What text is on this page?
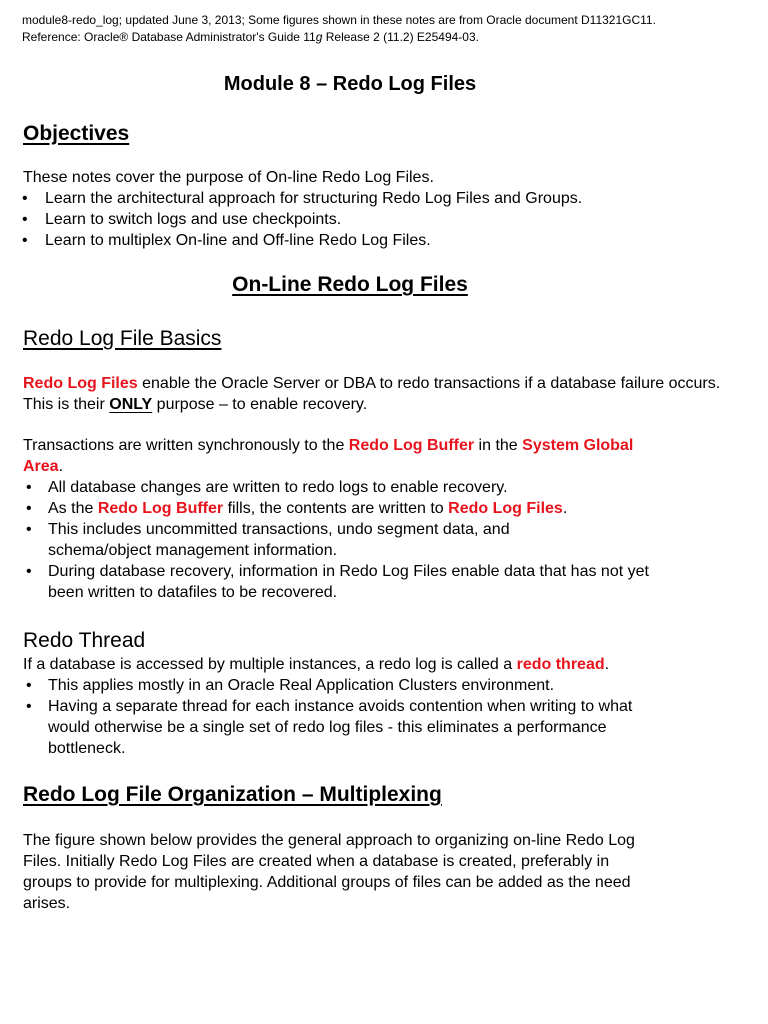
module8-redo_log; updated June 3, 2013; Some figures shown in these notes are from Oracle document D11321GC11.
Reference: Oracle® Database Administrator's Guide 11g Release 2 (11.2) E25494-03.
Module 8 – Redo Log Files
Objectives
These notes cover the purpose of On-line Redo Log Files.
• Learn the architectural approach for structuring Redo Log Files and Groups.
• Learn to switch logs and use checkpoints.
• Learn to multiplex On-line and Off-line Redo Log Files.
On-Line Redo Log Files
Redo Log File Basics
Redo Log Files enable the Oracle Server or DBA to redo transactions if a database failure occurs. This is their ONLY purpose – to enable recovery.
Transactions are written synchronously to the Redo Log Buffer in the System Global Area.
• All database changes are written to redo logs to enable recovery.
• As the Redo Log Buffer fills, the contents are written to Redo Log Files.
• This includes uncommitted transactions, undo segment data, and schema/object management information.
• During database recovery, information in Redo Log Files enable data that has not yet been written to datafiles to be recovered.
Redo Thread
If a database is accessed by multiple instances, a redo log is called a redo thread.
• This applies mostly in an Oracle Real Application Clusters environment.
• Having a separate thread for each instance avoids contention when writing to what would otherwise be a single set of redo log files - this eliminates a performance bottleneck.
Redo Log File Organization – Multiplexing
The figure shown below provides the general approach to organizing on-line Redo Log Files. Initially Redo Log Files are created when a database is created, preferably in groups to provide for multiplexing. Additional groups of files can be added as the need arises.
